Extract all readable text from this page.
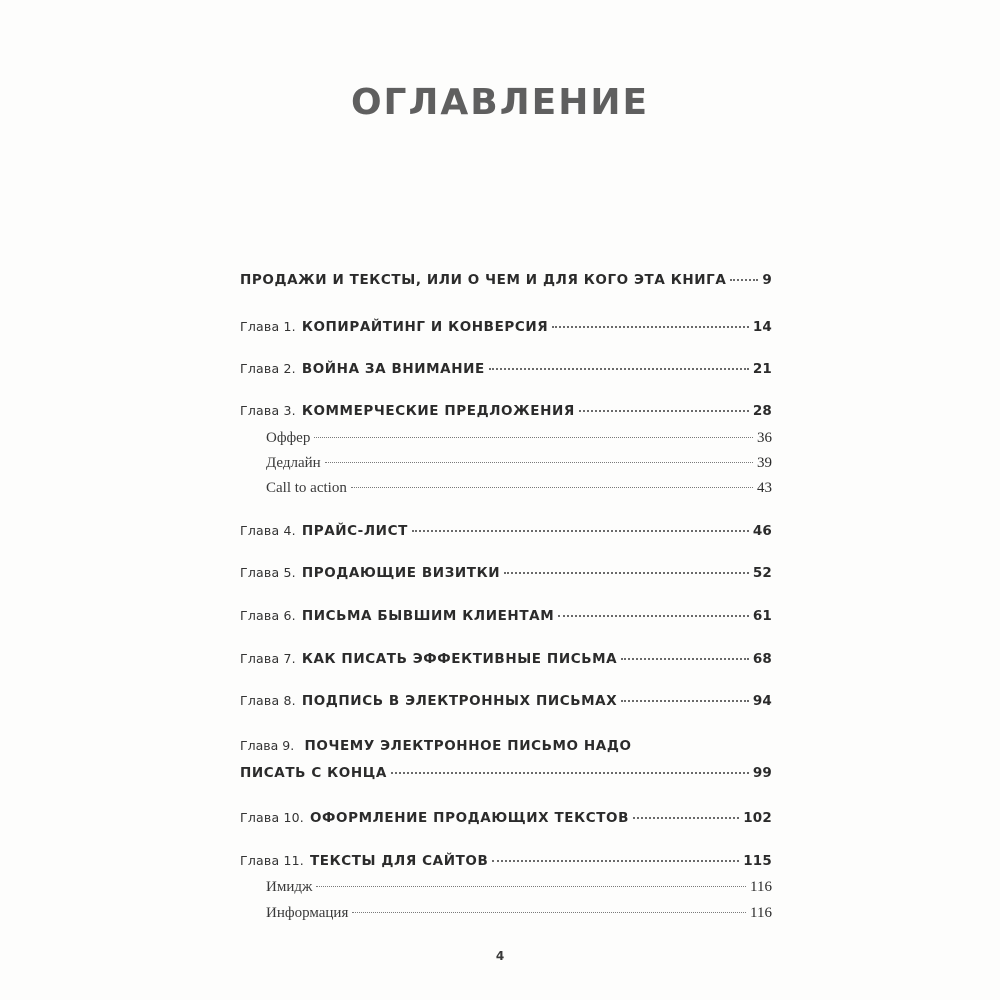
ОГЛАВЛЕНИЕ
ПРОДАЖИ И ТЕКСТЫ, ИЛИ О ЧЕМ И ДЛЯ КОГО ЭТА КНИГА	9
Глава 1. КОПИРАЙТИНГ И КОНВЕРСИЯ	14
Глава 2. ВОЙНА ЗА ВНИМАНИЕ	21
Глава 3. КОММЕРЧЕСКИЕ ПРЕДЛОЖЕНИЯ	28
Оффер	36
Дедлайн	39
Call to action	43
Глава 4. ПРАЙС-ЛИСТ	46
Глава 5. ПРОДАЮЩИЕ ВИЗИТКИ	52
Глава 6. ПИСЬМА БЫВШИМ КЛИЕНТАМ	61
Глава 7. КАК ПИСАТЬ ЭФФЕКТИВНЫЕ ПИСЬМА	68
Глава 8. ПОДПИСЬ В ЭЛЕКТРОННЫХ ПИСЬМАХ	94
Глава 9. ПОЧЕМУ ЭЛЕКТРОННОЕ ПИСЬМО НАДО
ПИСАТЬ С КОНЦА	99
Глава 10. ОФОРМЛЕНИЕ ПРОДАЮЩИХ ТЕКСТОВ	102
Глава 11. ТЕКСТЫ ДЛЯ САЙТОВ	115
Имидж	116
Информация	116
4
